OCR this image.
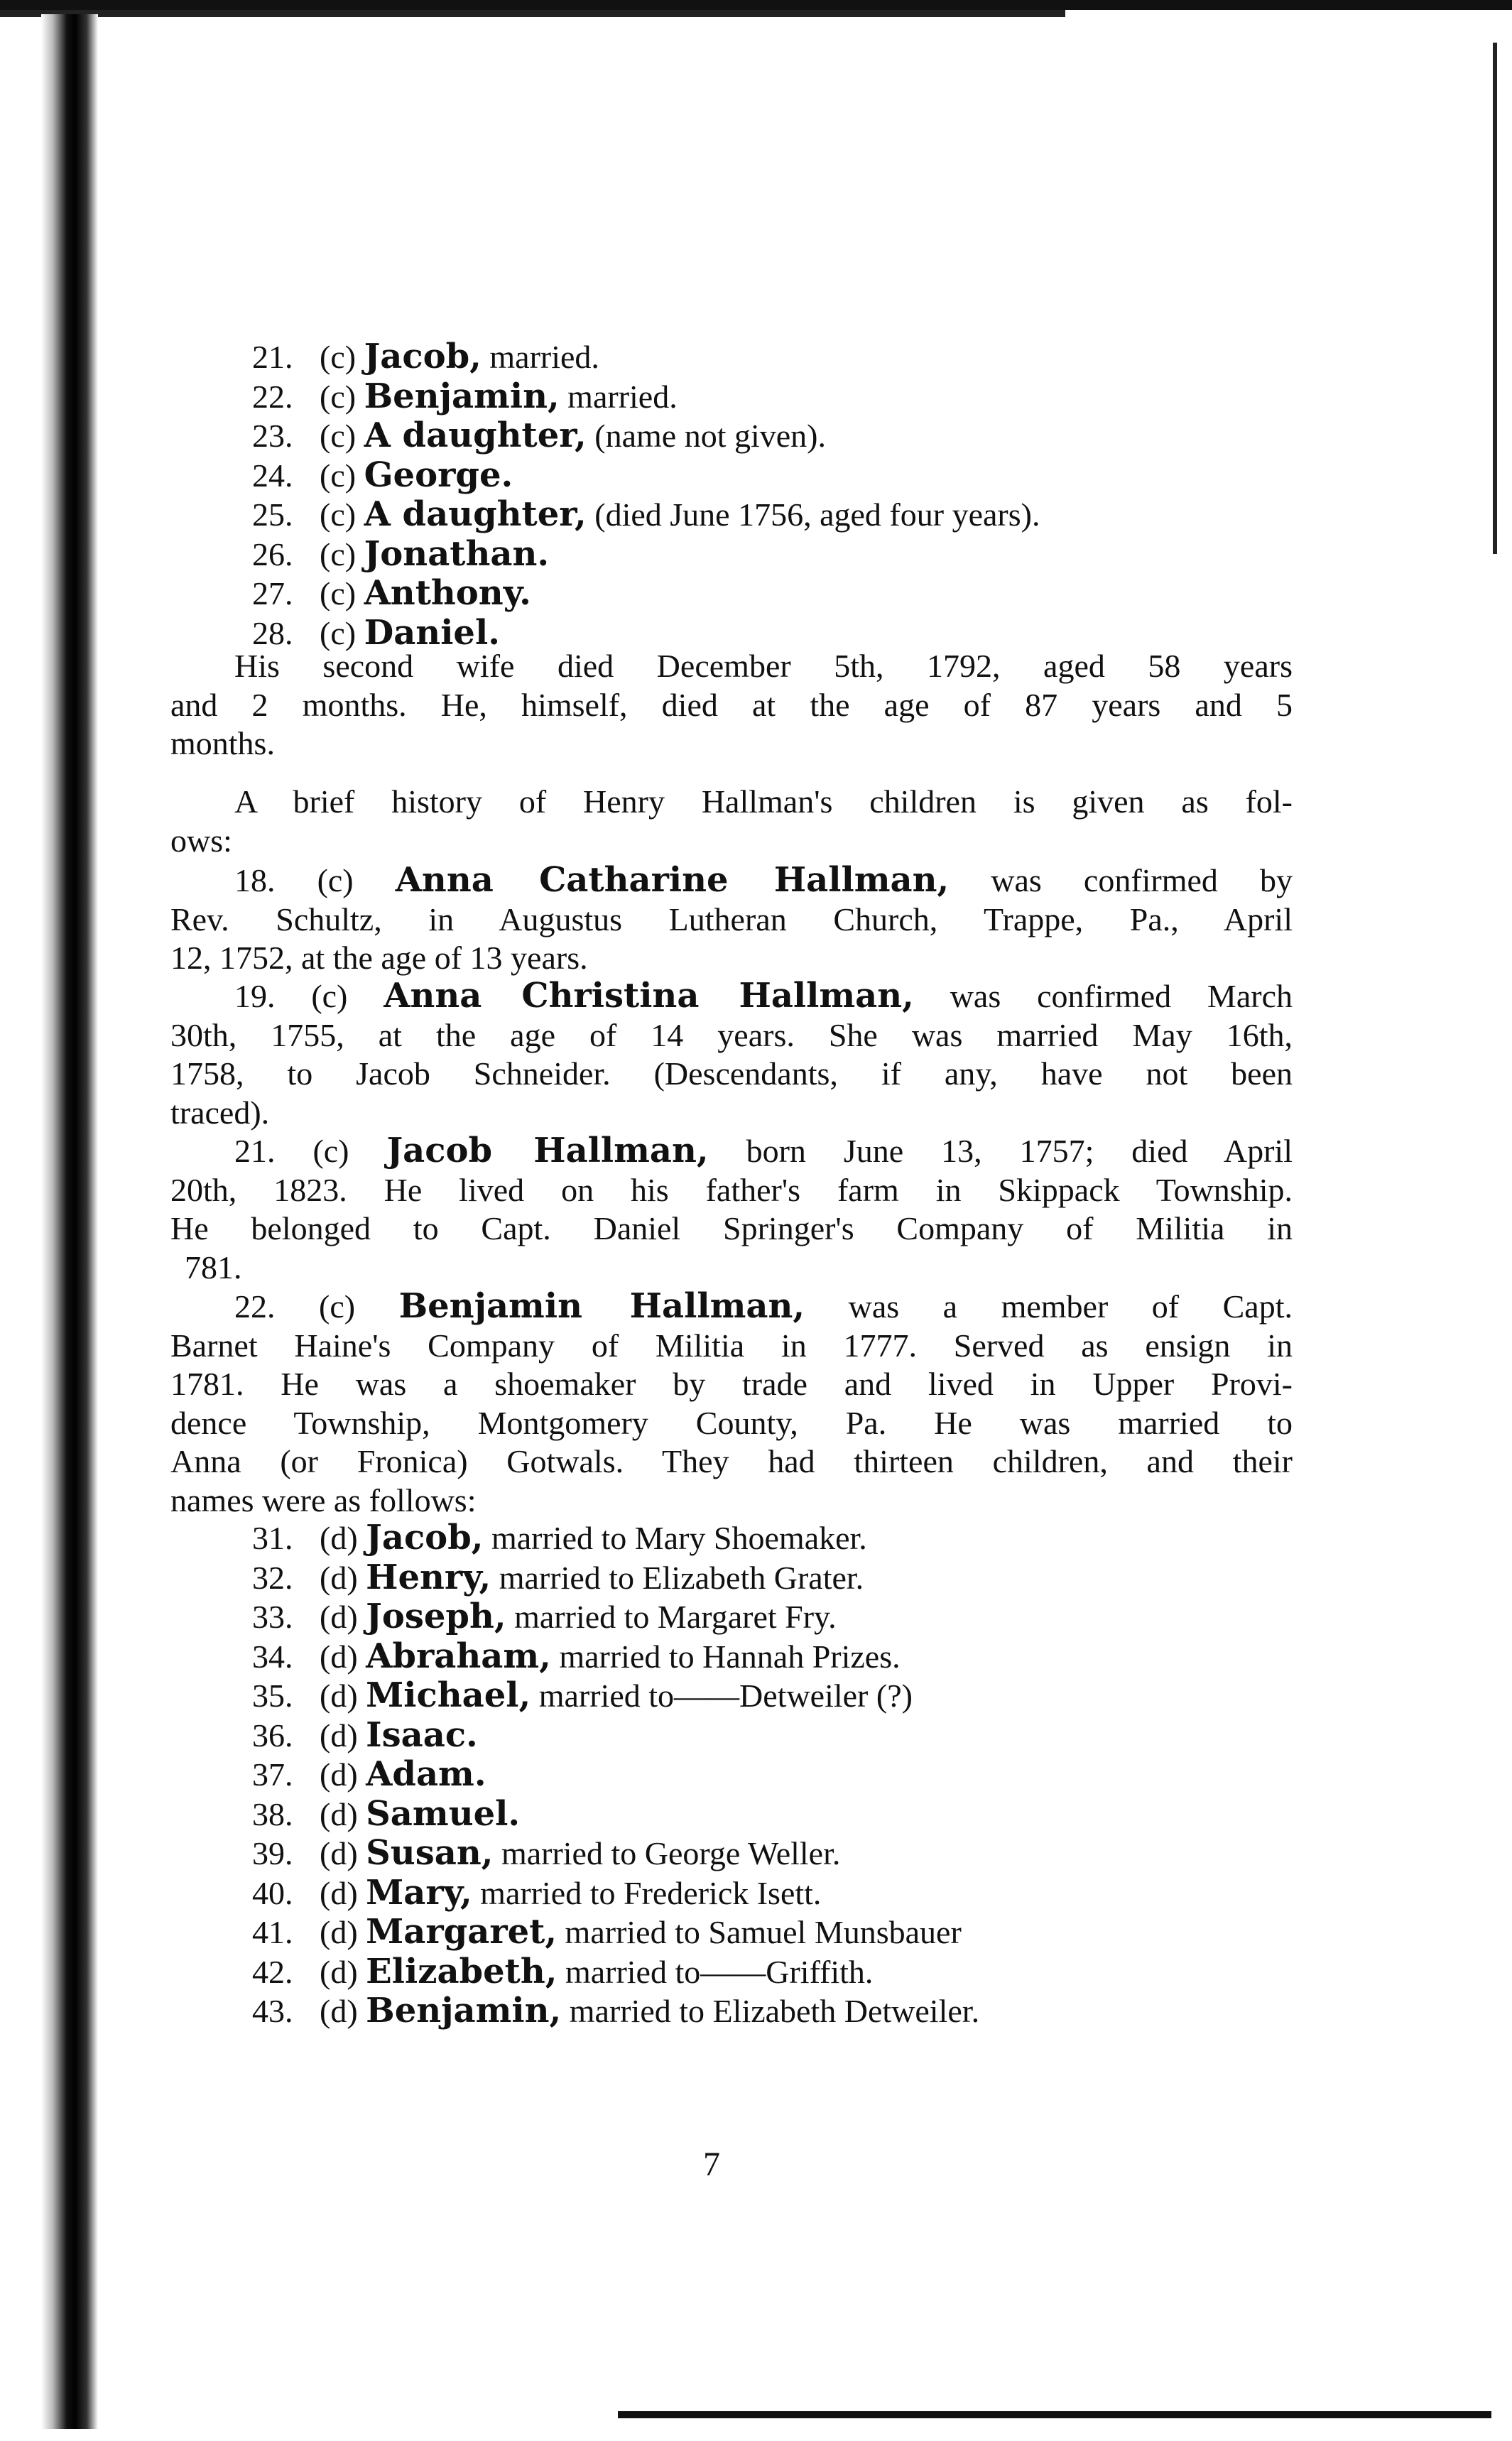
21. (c) Jacob, married.
22. (c) Benjamin, married.
23. (c) A daughter, (name not given).
24. (c) George.
25. (c) A daughter, (died June 1756, aged four years).
26. (c) Jonathan.
27. (c) Anthony.
28. (c) Daniel.
His second wife died December 5th, 1792, aged 58 years
and 2 months. He, himself, died at the age of 87 years and 5
months.
A brief history of Henry Hallman's children is given as fol-
ows:
18. (c) Anna Catharine Hallman, was confirmed by
Rev. Schultz, in Augustus Lutheran Church, Trappe, Pa., April
12, 1752, at the age of 13 years.
19. (c) Anna Christina Hallman, was confirmed March
30th, 1755, at the age of 14 years. She was married May 16th,
1758, to Jacob Schneider. (Descendants, if any, have not been
traced).
21. (c) Jacob Hallman, born June 13, 1757; died April
20th, 1823. He lived on his father's farm in Skippack Township.
He belonged to Capt. Daniel Springer's Company of Militia in
781.
22. (c) Benjamin Hallman, was a member of Capt.
Barnet Haine's Company of Militia in 1777. Served as ensign in
1781. He was a shoemaker by trade and lived in Upper Provi-
dence Township, Montgomery County, Pa. He was married to
Anna (or Fronica) Gotwals. They had thirteen children, and their
names were as follows:
31. (d) Jacob, married to Mary Shoemaker.
32. (d) Henry, married to Elizabeth Grater.
33. (d) Joseph, married to Margaret Fry.
34. (d) Abraham, married to Hannah Prizes.
35. (d) Michael, married to——Detweiler (?)
36. (d) Isaac.
37. (d) Adam.
38. (d) Samuel.
39. (d) Susan, married to George Weller.
40. (d) Mary, married to Frederick Isett.
41. (d) Margaret, married to Samuel Munsbauer
42. (d) Elizabeth, married to——Griffith.
43. (d) Benjamin, married to Elizabeth Detweiler.
7
